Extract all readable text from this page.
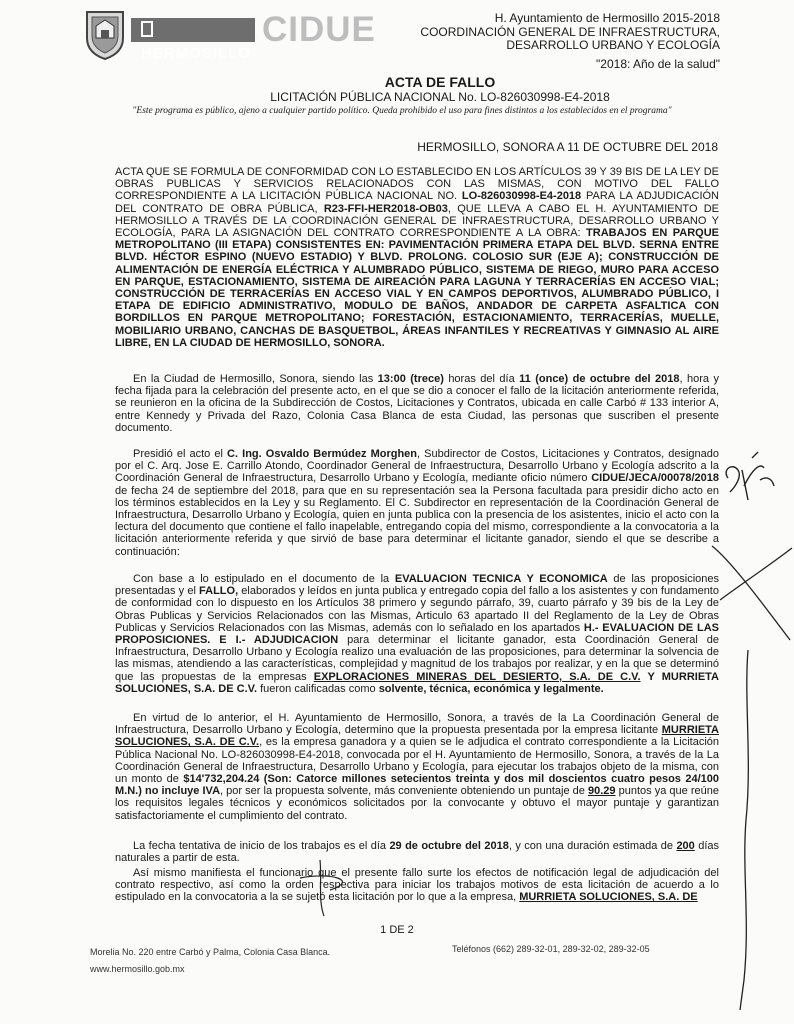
HERMOSILLO
CIDUE	H. Ayuntamiento de Hermosillo 2015-2018
COORDINACIÓN GENERAL DE INFRAESTRUCTURA,
DESARROLLO URBANO Y ECOLOGÍA
"2018: Año de la salud"
ACTA DE FALLO
LICITACIÓN PÚBLICA NACIONAL No. LO-826030998-E4-2018
"Este programa es público, ajeno a cualquier partido político. Queda prohibido el uso para fines distintos a los establecidos en el programa"
HERMOSILLO, SONORA A 11 DE OCTUBRE DEL 2018
ACTA QUE SE FORMULA DE CONFORMIDAD CON LO ESTABLECIDO EN LOS ARTÍCULOS 39 Y 39 BIS DE LA LEY DE OBRAS PUBLICAS Y SERVICIOS RELACIONADOS CON LAS MISMAS, CON MOTIVO DEL FALLO CORRESPONDIENTE A LA LICITACIÓN PÚBLICA NACIONAL NO. LO-826030998-E4-2018 PARA LA ADJUDICACIÓN DEL CONTRATO DE OBRA PÚBLICA, R23-FFI-HER2018-OB03, QUE LLEVA A CABO EL H. AYUNTAMIENTO DE HERMOSILLO A TRAVÉS DE LA COORDINACIÓN GENERAL DE INFRAESTRUCTURA, DESARROLLO URBANO Y ECOLOGÍA, PARA LA ASIGNACIÓN DEL CONTRATO CORRESPONDIENTE A LA OBRA: TRABAJOS EN PARQUE METROPOLITANO (III ETAPA) CONSISTENTES EN: PAVIMENTACIÓN PRIMERA ETAPA DEL BLVD. SERNA ENTRE BLVD. HÉCTOR ESPINO (NUEVO ESTADIO) Y BLVD. PROLONG. COLOSIO SUR (EJE A); CONSTRUCCIÓN DE ALIMENTACIÓN DE ENERGÍA ELÉCTRICA Y ALUMBRADO PÚBLICO, SISTEMA DE RIEGO, MURO PARA ACCESO EN PARQUE, ESTACIONAMIENTO, SISTEMA DE AIREACIÓN PARA LAGUNA Y TERRACERÍAS EN ACCESO VIAL; CONSTRUCCIÓN DE TERRACERÍAS EN ACCESO VIAL Y EN CAMPOS DEPORTIVOS, ALUMBRADO PÚBLICO, I ETAPA DE EDIFICIO ADMINISTRATIVO, MODULO DE BAÑOS, ANDADOR DE CARPETA ASFALTICA CON BORDILLOS EN PARQUE METROPOLITANO; FORESTACIÓN, ESTACIONAMIENTO, TERRACERÍAS, MUELLE, MOBILIARIO URBANO, CANCHAS DE BASQUETBOL, ÁREAS INFANTILES Y RECREATIVAS Y GIMNASIO AL AIRE LIBRE, EN LA CIUDAD DE HERMOSILLO, SONORA.
En la Ciudad de Hermosillo, Sonora, siendo las 13:00 (trece) horas del día 11 (once) de octubre del 2018, hora y fecha fijada para la celebración del presente acto, en el que se dio a conocer el fallo de la licitación anteriormente referida, se reunieron en la oficina de la Subdirección de Costos, Licitaciones y Contratos, ubicada en calle Carbó # 133 interior A, entre Kennedy y Privada del Razo, Colonia Casa Blanca de esta Ciudad, las personas que suscriben el presente documento.
Presidió el acto el C. Ing. Osvaldo Bermúdez Morghen, Subdirector de Costos, Licitaciones y Contratos, designado por el C. Arq. Jose E. Carrillo Atondo, Coordinador General de Infraestructura, Desarrollo Urbano y Ecología adscrito a la Coordinación General de Infraestructura, Desarrollo Urbano y Ecología, mediante oficio número CIDUE/JECA/00078/2018 de fecha 24 de septiembre del 2018, para que en su representación sea la Persona facultada para presidir dicho acto en los términos establecidos en la Ley y su Reglamento. El C. Subdirector en representación de la Coordinación General de Infraestructura, Desarrollo Urbano y Ecología, quien en junta publica con la presencia de los asistentes, inicio el acto con la lectura del documento que contiene el fallo inapelable, entregando copia del mismo, correspondiente a la convocatoria a la licitación anteriormente referida y que sirvió de base para determinar el licitante ganador, siendo el que se describe a continuación:
Con base a lo estipulado en el documento de la EVALUACION TECNICA Y ECONOMICA de las proposiciones presentadas y el FALLO, elaborados y leídos en junta publica y entregado copia del fallo a los asistentes y con fundamento de conformidad con lo dispuesto en los Artículos 38 primero y segundo párrafo, 39, cuarto párrafo y 39 bis de la Ley de Obras Publicas y Servicios Relacionados con las Mismas, Articulo 63 apartado II del Reglamento de la Ley de Obras Publicas y Servicios Relacionados con las Mismas, además con lo señalado en los apartados H.- EVALUACION DE LAS PROPOSICIONES. E I.- ADJUDICACION para determinar el licitante ganador, esta Coordinación General de Infraestructura, Desarrollo Urbano y Ecología realizo una evaluación de las proposiciones, para determinar la solvencia de las mismas, atendiendo a las características, complejidad y magnitud de los trabajos por realizar, y en la que se determinó que las propuestas de la empresas EXPLORACIONES MINERAS DEL DESIERTO, S.A. DE C.V. Y MURRIETA SOLUCIONES, S.A. DE C.V. fueron calificadas como solvente, técnica, económica y legalmente.
En virtud de lo anterior, el H. Ayuntamiento de Hermosillo, Sonora, a través de la La Coordinación General de Infraestructura, Desarrollo Urbano y Ecología, determino que la propuesta presentada por la empresa licitante MURRIETA SOLUCIONES, S.A. DE C.V., es la empresa ganadora y a quien se le adjudica el contrato correspondiente a la Licitación Pública Nacional No. LO-826030998-E4-2018, convocada por el H. Ayuntamiento de Hermosillo, Sonora, a través de la La Coordinación General de Infraestructura, Desarrollo Urbano y Ecología, para ejecutar los trabajos objeto de la misma, con un monto de $14'732,204.24 (Son: Catorce millones setecientos treinta y dos mil doscientos cuatro pesos 24/100 M.N.) no incluye IVA, por ser la propuesta solvente, más conveniente obteniendo un puntaje de 90.29 puntos ya que reúne los requisitos legales técnicos y económicos solicitados por la convocante y obtuvo el mayor puntaje y garantizan satisfactoriamente el cumplimiento del contrato.
La fecha tentativa de inicio de los trabajos es el día 29 de octubre del 2018, y con una duración estimada de 200 días naturales a partir de esta.
Así mismo manifiesta el funcionario que el presente fallo surte los efectos de notificación legal de adjudicación del contrato respectivo, así como la orden respectiva para iniciar los trabajos motivos de esta licitación de acuerdo a lo estipulado en la convocatoria a la se sujetó esta licitación por lo que a la empresa, MURRIETA SOLUCIONES, S.A. DE
1 DE 2
Morelia No. 220 entre Carbó y Palma, Colonia Casa Blanca.
www.hermosillo.gob.mx
Teléfonos (662) 289-32-01, 289-32-02, 289-32-05
